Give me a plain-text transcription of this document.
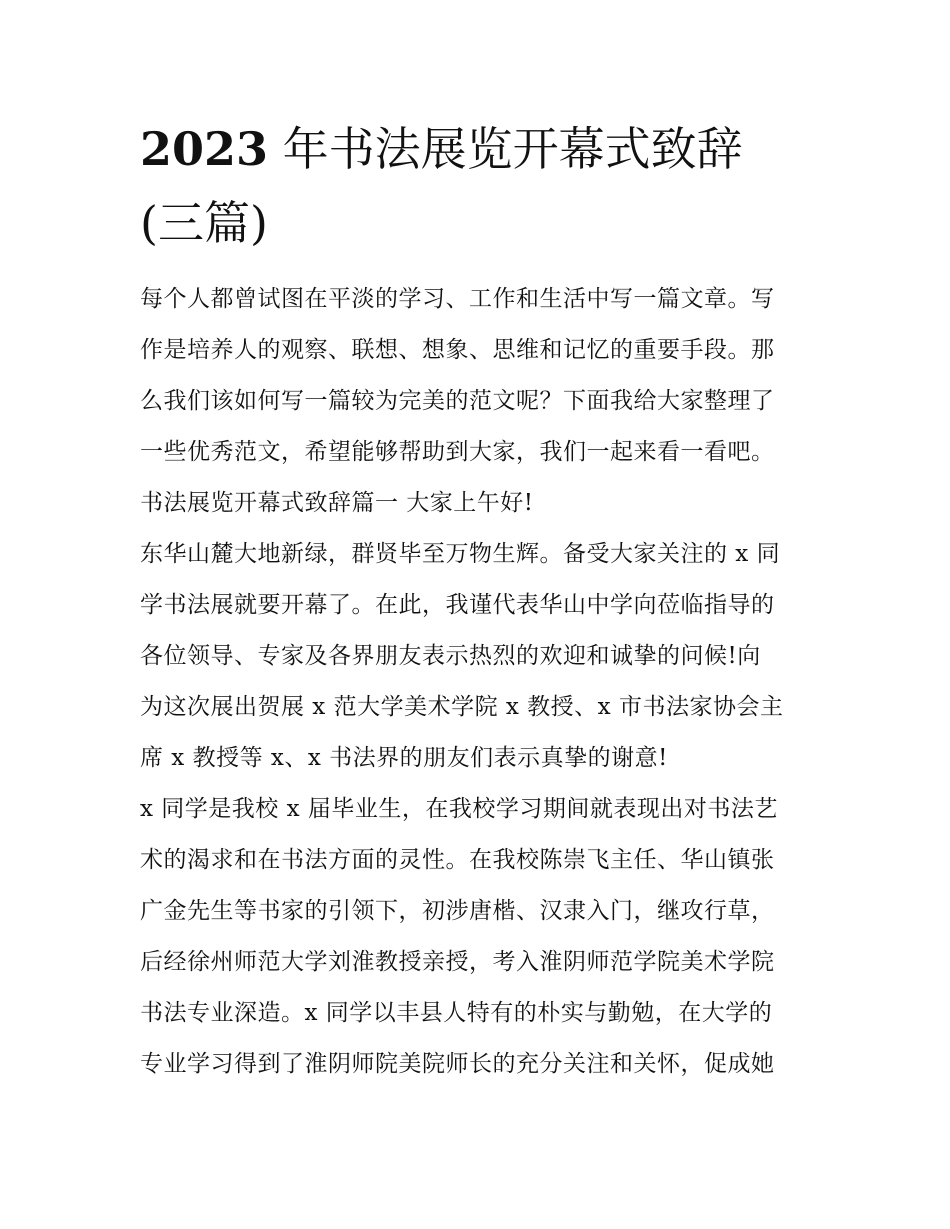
2023 年书法展览开幕式致辞
(三篇)
每个人都曾试图在平淡的学习、工作和生活中写一篇文章。写
作是培养人的观察、联想、想象、思维和记忆的重要手段。那
么我们该如何写一篇较为完美的范文呢？下面我给大家整理了
一些优秀范文，希望能够帮助到大家，我们一起来看一看吧。
书法展览开幕式致辞篇一 大家上午好!
东华山麓大地新绿，群贤毕至万物生辉。备受大家关注的 x 同
学书法展就要开幕了。在此，我谨代表华山中学向莅临指导的
各位领导、专家及各界朋友表示热烈的欢迎和诚挚的问候!向
为这次展出贺展 x 范大学美术学院 x 教授、x 市书法家协会主
席 x 教授等 x、x 书法界的朋友们表示真挚的谢意!
x 同学是我校 x 届毕业生，在我校学习期间就表现出对书法艺
术的渴求和在书法方面的灵性。在我校陈崇飞主任、华山镇张
广金先生等书家的引领下，初涉唐楷、汉隶入门，继攻行草，
后经徐州师范大学刘淮教授亲授，考入淮阴师范学院美术学院
书法专业深造。x 同学以丰县人特有的朴实与勤勉，在大学的
专业学习得到了淮阴师院美院师长的充分关注和关怀，促成她
